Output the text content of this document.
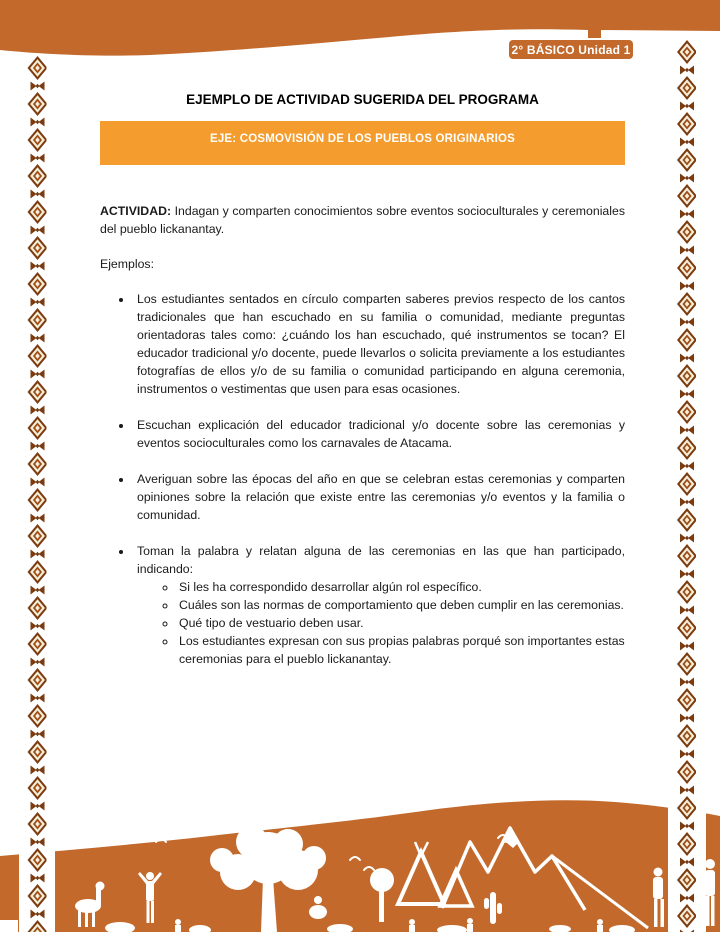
2° BÁSICO Unidad 1
EJEMPLO DE ACTIVIDAD SUGERIDA DEL PROGRAMA
EJE: COSMOVISIÓN DE LOS PUEBLOS ORIGINARIOS

ACTIVIDAD: Indagan y comparten conocimientos sobre eventos socioculturales y ceremoniales del pueblo lickanantay.

Ejemplos:

• Los estudiantes sentados en círculo comparten saberes previos respecto de los cantos tradicionales que han escuchado en su familia o comunidad, mediante preguntas orientadoras tales como: ¿cuándo los han escuchado, qué instrumentos se tocan? El educador tradicional y/o docente, puede llevarlos o solicita previamente a los estudiantes fotografías de ellos y/o de su familia o comunidad participando en alguna ceremonia, instrumentos o vestimentas que usen para esas ocasiones.
• Escuchan explicación del educador tradicional y/o docente sobre las ceremonias y eventos socioculturales como los carnavales de Atacama.
• Averiguan sobre las épocas del año en que se celebran estas ceremonias y comparten opiniones sobre la relación que existe entre las ceremonias y/o eventos y la familia o comunidad.
• Toman la palabra y relatan alguna de las ceremonias en las que han participado, indicando:
◦ Si les ha correspondido desarrollar algún rol específico.
◦ Cuáles son las normas de comportamiento que deben cumplir en las ceremonias.
◦ Qué tipo de vestuario deben usar.
◦ Los estudiantes expresan con sus propias palabras porqué son importantes estas ceremonias para el pueblo lickanantay.
